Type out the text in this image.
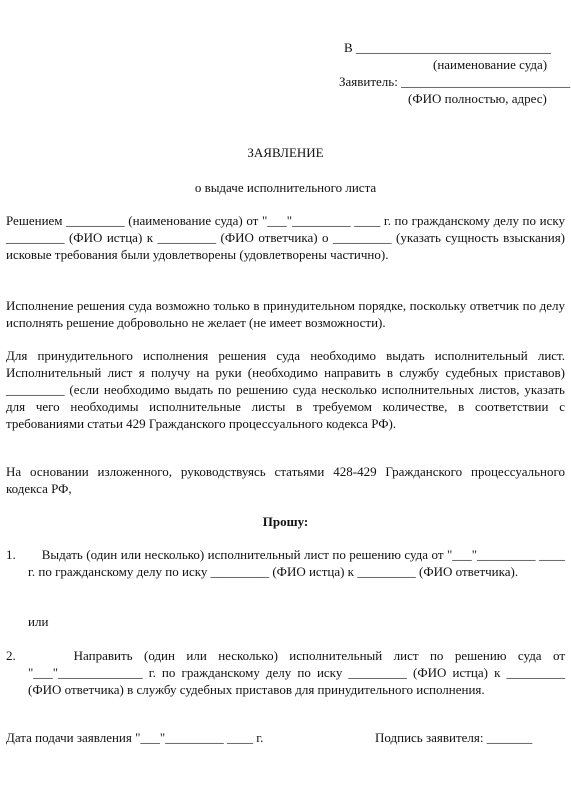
В ______________________________
(наименование суда)
Заявитель: __________________________
(ФИО полностью, адрес)
ЗАЯВЛЕНИЕ
о выдаче исполнительного листа

Решением _________ (наименование суда) от "___"_________ ____ г. по гражданскому делу по иску _________ (ФИО истца) к _________ (ФИО ответчика) о _________ (указать сущность взыскания) исковые требования были удовлетворены (удовлетворены частично).

Исполнение решения суда возможно только в принудительном порядке, поскольку ответчик по делу исполнять решение добровольно не желает (не имеет возможности).

Для принудительного исполнения решения суда необходимо выдать исполнительный лист. Исполнительный лист я получу на руки (необходимо направить в службу судебных приставов) _________ (если необходимо выдать по решению суда несколько исполнительных листов, указать для чего необходимы исполнительные листы в требуемом количестве, в соответствии с требованиями статьи 429 Гражданского процессуального кодекса РФ).

На основании изложенного, руководствуясь статьями 428-429 Гражданского процессуального кодекса РФ,

Прошу:
1. Выдать (один или несколько) исполнительный лист по решению суда от "___"_________ ____ г. по гражданскому делу по иску _________ (ФИО истца) к _________ (ФИО ответчика).

или
2. Направить (один или несколько) исполнительный лист по решению суда от "___"_____________ г. по гражданскому делу по иску _________ (ФИО истца) к _________ (ФИО ответчика) в службу судебных приставов для принудительного исполнения.

Дата подачи заявления "___"_________ ____ г.	Подпись заявителя: _______
